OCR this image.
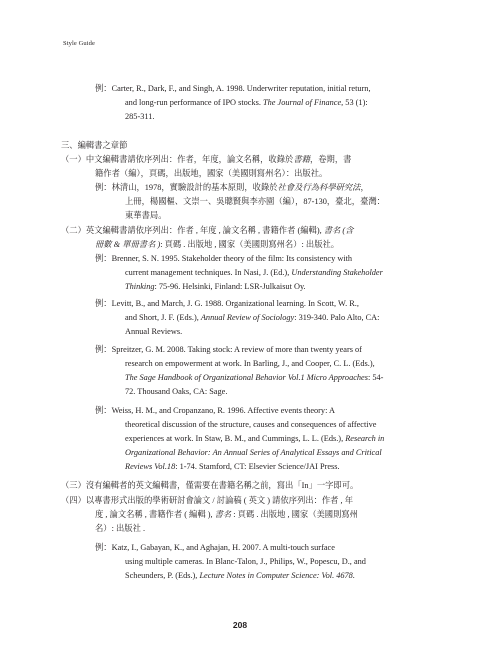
Style Guide
例：Carter, R., Dark, F., and Singh, A. 1998. Underwriter reputation, initial return,
and long-run performance of IPO stocks. The Journal of Finance, 53 (1):
285-311.
三、編輯書之章節
（一）中文編輯書請依序列出：作者，年度，論文名稱，收錄於書籍，卷期，書
籍作者（編），頁碼，出版地，國家（美國則寫州名）：出版社。
例：林清山，1978，實驗設計的基本原則，收錄於社會及行為科學研究法，
上冊，楊國樞、文崇一、吳聰賢與李亦園（編），87-130，臺北，臺灣：
東華書局。
（二）英文編輯書請依序列出：作者 , 年度 , 論文名稱 , 書籍作者 (編輯), 書名 (含
冊數 & 單冊書名 ): 頁碼 . 出版地 , 國家（美國則寫州名）: 出版社。
例：Brenner, S. N. 1995. Stakeholder theory of the film: Its consistency with
current management techniques. In Nasi, J. (Ed.), Understanding Stakeholder
Thinking: 75-96. Helsinki, Finland: LSR-Julkaisut Oy.
例：Levitt, B., and March, J. G. 1988. Organizational learning. In Scott, W. R.,
and Short, J. F. (Eds.), Annual Review of Sociology: 319-340. Palo Alto, CA:
Annual Reviews.
例：Spreitzer, G. M. 2008. Taking stock: A review of more than twenty years of
research on empowerment at work. In Barling, J., and Cooper, C. L. (Eds.),
The Sage Handbook of Organizational Behavior Vol.1 Micro Approaches: 54-
72. Thousand Oaks, CA: Sage.
例：Weiss, H. M., and Cropanzano, R. 1996. Affective events theory: A
theoretical discussion of the structure, causes and consequences of affective
experiences at work. In Staw, B. M., and Cummings, L. L. (Eds.), Research in
Organizational Behavior: An Annual Series of Analytical Essays and Critical
Reviews Vol.18: 1-74. Stamford, CT: Elsevier Science/JAI Press.
（三）沒有編輯者的英文編輯書，僅需要在書籍名稱之前，寫出「In」一字即可。
（四）以專書形式出版的學術研討會論文 / 討論稿 ( 英文 ) 請依序列出：作者 , 年
度 , 論文名稱 , 書籍作者 ( 編輯 ), 書名 : 頁碼 . 出版地 , 國家（美國則寫州
名）: 出版社 .
例：Katz, I., Gabayan, K., and Aghajan, H. 2007. A multi-touch surface
using multiple cameras. In Blanc-Talon, J., Philips, W., Popescu, D., and
Scheunders, P. (Eds.), Lecture Notes in Computer Science: Vol. 4678.
208
